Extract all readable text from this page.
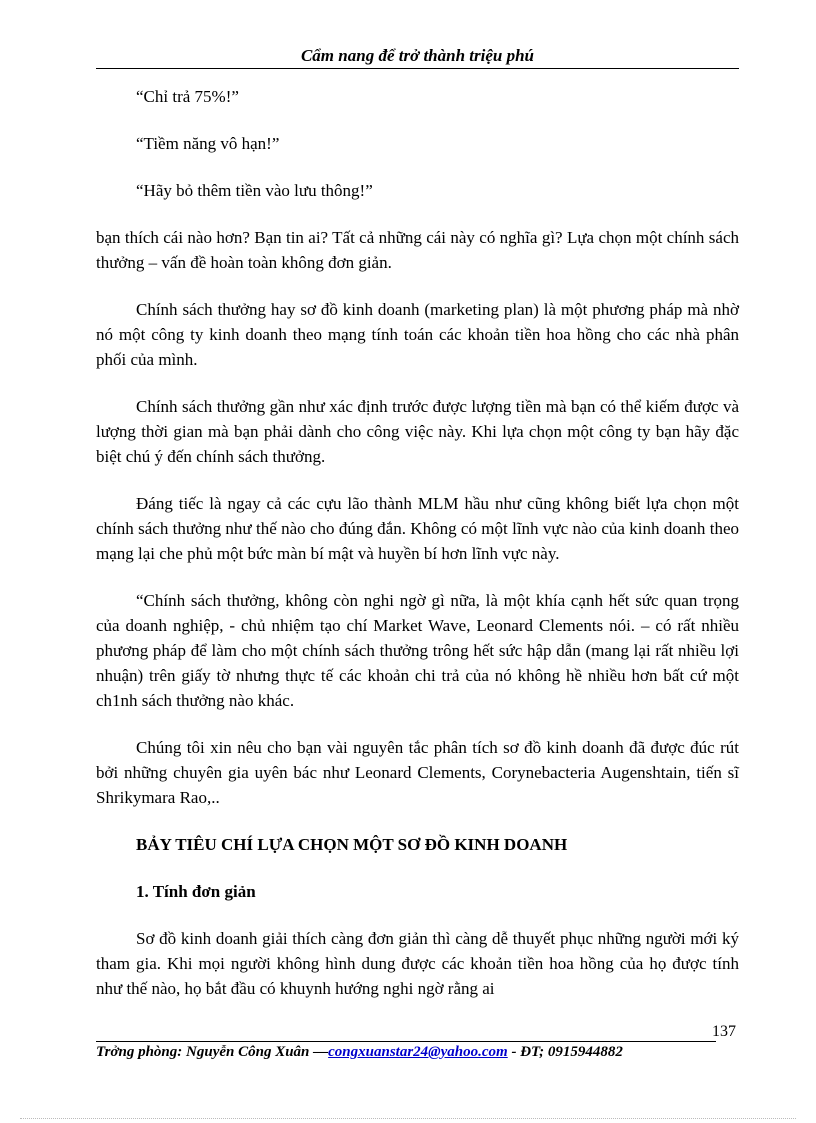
Cẩm nang để trở thành triệu phú

“Chỉ trả 75%!”

“Tiềm năng vô hạn!”

“Hãy bỏ thêm tiền vào lưu thông!”

bạn thích cái nào hơn? Bạn tin ai? Tất cả những cái này có nghĩa gì? Lựa chọn một chính sách thưởng – vấn đề hoàn toàn không đơn giản.

Chính sách thưởng hay sơ đồ kinh doanh (marketing plan) là một phương pháp mà nhờ nó một công ty kinh doanh theo mạng tính toán các khoản tiền hoa hồng cho các nhà phân phối của mình.

Chính sách thưởng gần như xác định trước được lượng tiền mà bạn có thể kiếm được và lượng thời gian mà bạn phải dành cho công việc này. Khi lựa chọn một công ty bạn hãy đặc biệt chú ý đến chính sách thưởng.

Đáng tiếc là ngay cả các cựu lão thành MLM hầu như cũng không biết lựa chọn một chính sách thưởng như thế nào cho đúng đắn. Không có một lĩnh vực nào của kinh doanh theo mạng lại che phủ một bức màn bí mật và huyền bí hơn lĩnh vực này.

“Chính sách thưởng, không còn nghi ngờ gì nữa, là một khía cạnh hết sức quan trọng của doanh nghiệp, - chủ nhiệm tạo chí Market Wave, Leonard Clements nói. – có rất nhiều phương pháp để làm cho một chính sách thưởng trông hết sức hập dẫn (mang lại rất nhiều lợi nhuận) trên giấy tờ nhưng thực tế các khoản chi trả của nó không hề nhiều hơn bất cứ một ch1nh sách thưởng nào khác.

Chúng tôi xin nêu cho bạn vài nguyên tắc phân tích sơ đồ kinh doanh đã được đúc rút bởi những chuyên gia uyên bác như Leonard Clements, Corynebacteria Augenshtain, tiến sĩ Shrikymara Rao,..

BẢY TIÊU CHÍ LỰA CHỌN MỘT SƠ ĐỒ KINH DOANH

1. Tính đơn giản

Sơ đồ kinh doanh giải thích càng đơn giản thì càng dễ thuyết phục những người mới ký tham gia. Khi mọi người không hình dung được các khoản tiền hoa hồng của họ được tính như thế nào, họ bắt đầu có khuynh hướng nghi ngờ rằng ai

137
Trởng phòng: Nguyễn Công Xuân —congxuanstar24@yahoo.com - ĐT; 0915944882
